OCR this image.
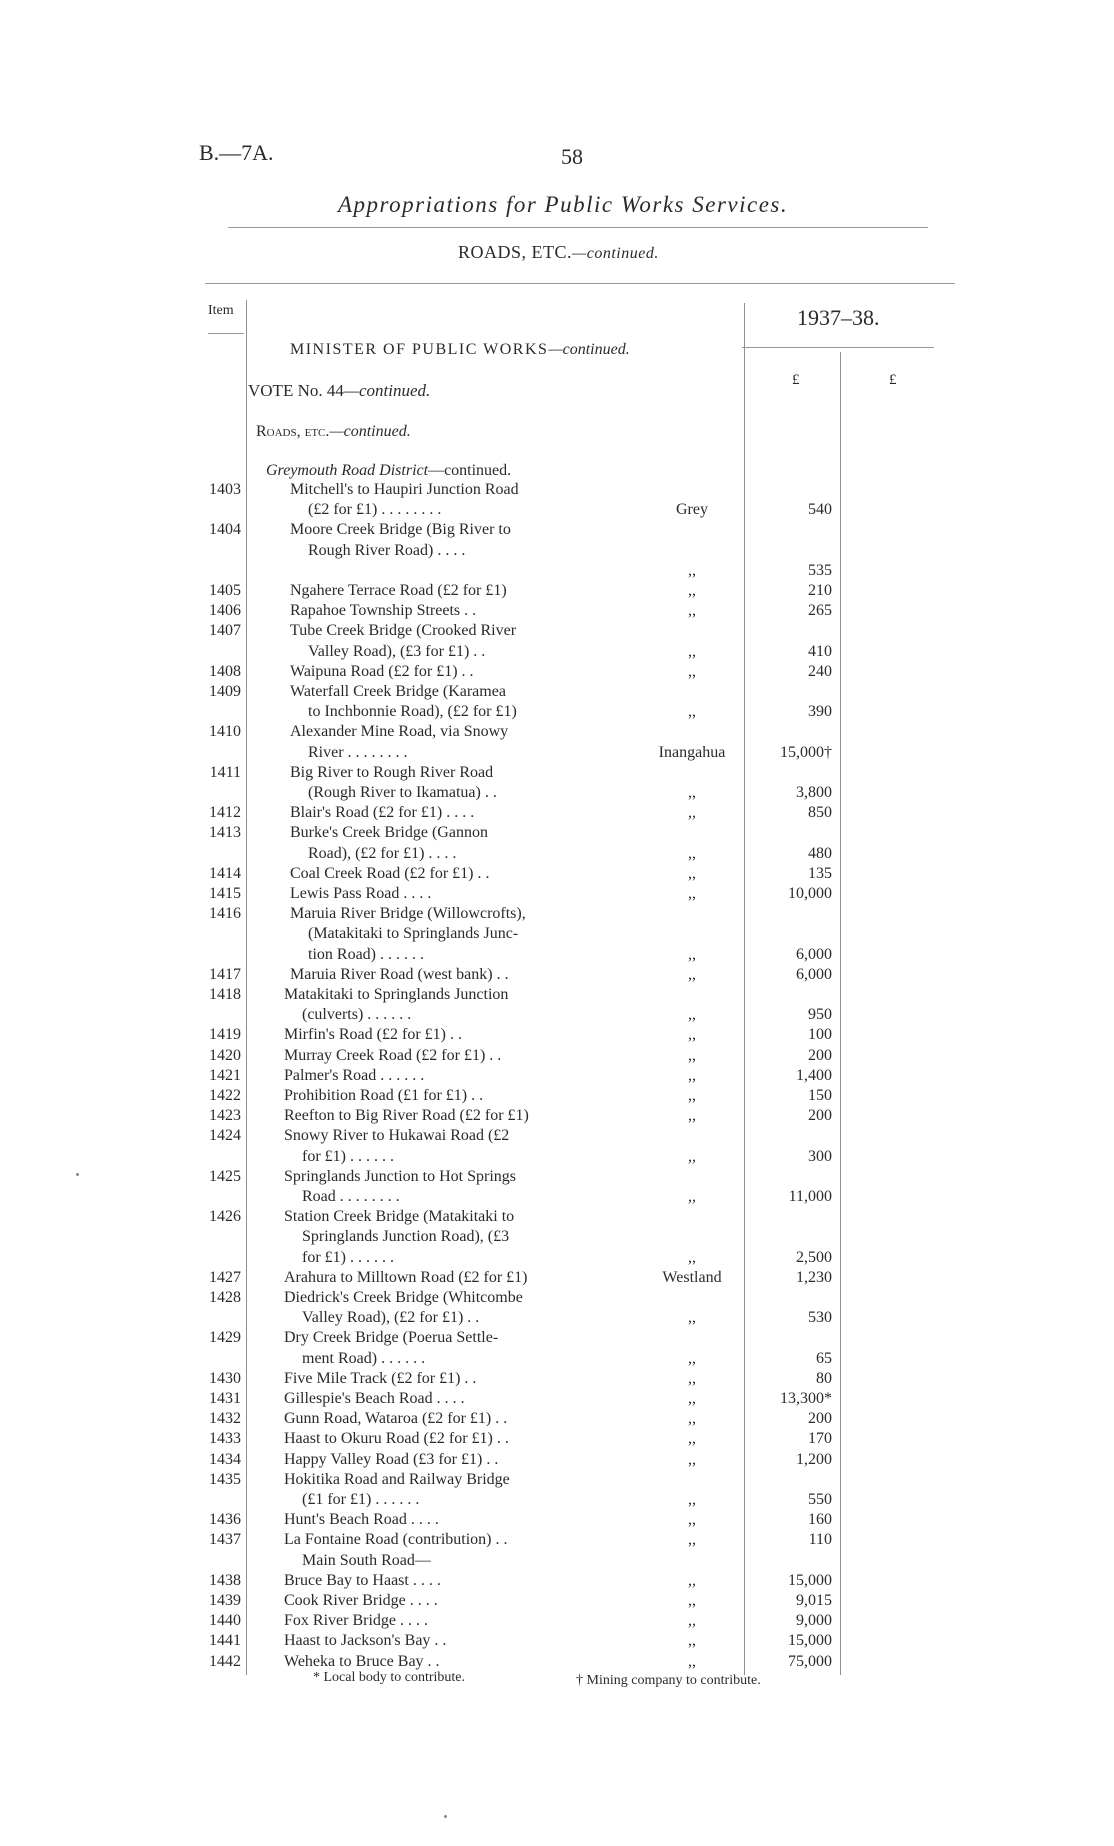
B.—7A.	58
Appropriations for Public Works Services.
ROADS, ETC.—continued.
Item	1937–38.
£	£
MINISTER OF PUBLIC WORKS—continued.
VOTE No. 44—continued.
Roads, etc.—continued.
Greymouth Road District—continued.
1403	Mitchell's to Haupiri Junction Road
(£2 for £1) . . . . . . . .	Grey	540
1404	Moore Creek Bridge (Big River to
Rough River Road) . . . .
,,	535
1405	Ngahere Terrace Road (£2 for £1)	,,	210
1406	Rapahoe Township Streets . .	,,	265
1407	Tube Creek Bridge (Crooked River
Valley Road), (£3 for £1) . .	,,	410
1408	Waipuna Road (£2 for £1) . .	,,	240
1409	Waterfall Creek Bridge (Karamea
to Inchbonnie Road), (£2 for £1)	,,	390
1410	Alexander Mine Road, via Snowy
River . . . . . . . .	Inangahua	15,000†
1411	Big River to Rough River Road
(Rough River to Ikamatua) . .	,,	3,800
1412	Blair's Road (£2 for £1) . . . .	,,	850
1413	Burke's Creek Bridge (Gannon
Road), (£2 for £1) . . . .	,,	480
1414	Coal Creek Road (£2 for £1) . .	,,	135
1415	Lewis Pass Road . . . .	,,	10,000
1416	Maruia River Bridge (Willowcrofts),
(Matakitaki to Springlands Junc-
tion Road) . . . . . .	,,	6,000
1417	Maruia River Road (west bank) . .	,,	6,000
1418	Matakitaki to Springlands Junction
(culverts) . . . . . .	,,	950
1419	Mirfin's Road (£2 for £1) . .	,,	100
1420	Murray Creek Road (£2 for £1) . .	,,	200
1421	Palmer's Road . . . . . .	,,	1,400
1422	Prohibition Road (£1 for £1) . .	,,	150
1423	Reefton to Big River Road (£2 for £1)	,,	200
1424	Snowy River to Hukawai Road (£2
for £1) . . . . . .	,,	300
1425	Springlands Junction to Hot Springs
Road . . . . . . . .	,,	11,000
1426	Station Creek Bridge (Matakitaki to
Springlands Junction Road), (£3
for £1) . . . . . .	,,	2,500
1427	Arahura to Milltown Road (£2 for £1)	Westland	1,230
1428	Diedrick's Creek Bridge (Whitcombe
Valley Road), (£2 for £1) . .	,,	530
1429	Dry Creek Bridge (Poerua Settle-
ment Road) . . . . . .	,,	65
1430	Five Mile Track (£2 for £1) . .	,,	80
1431	Gillespie's Beach Road . . . .	,,	13,300*
1432	Gunn Road, Wataroa (£2 for £1) . .	,,	200
1433	Haast to Okuru Road (£2 for £1) . .	,,	170
1434	Happy Valley Road (£3 for £1) . .	,,	1,200
1435	Hokitika Road and Railway Bridge
(£1 for £1) . . . . . .	,,	550
1436	Hunt's Beach Road . . . .	,,	160
1437	La Fontaine Road (contribution) . .	,,	110
Main South Road—
1438	Bruce Bay to Haast . . . .	,,	15,000
1439	Cook River Bridge . . . .	,,	9,015
1440	Fox River Bridge . . . .	,,	9,000
1441	Haast to Jackson's Bay . .	,,	15,000
1442	Weheka to Bruce Bay . .	,,	75,000
* Local body to contribute.	† Mining company to contribute.
